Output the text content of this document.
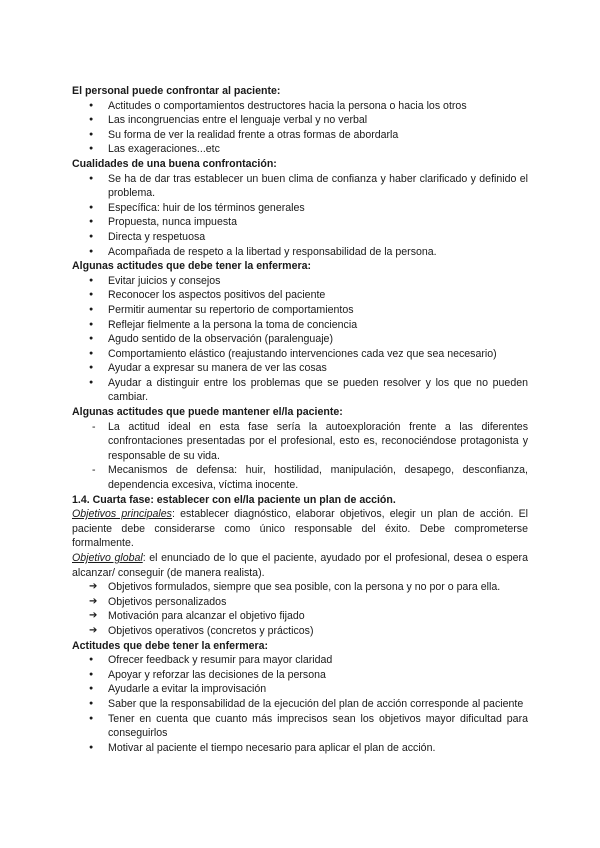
El personal puede confrontar al paciente:
● Actitudes o comportamientos destructores hacia la persona o hacia los otros
● Las incongruencias entre el lenguaje verbal y no verbal
● Su forma de ver la realidad frente a otras formas de abordarla
● Las exageraciones...etc
Cualidades de una buena confrontación:
● Se ha de dar tras establecer un buen clima de confianza y haber clarificado y definido el problema.
● Específica: huir de los términos generales
● Propuesta, nunca impuesta
● Directa y respetuosa
● Acompañada de respeto a la libertad y responsabilidad de la persona.
Algunas actitudes que debe tener la enfermera:
● Evitar juicios y consejos
● Reconocer los aspectos positivos del paciente
● Permitir aumentar su repertorio de comportamientos
● Reflejar fielmente a la persona la toma de conciencia
● Agudo sentido de la observación (paralenguaje)
● Comportamiento elástico (reajustando intervenciones cada vez que sea necesario)
● Ayudar a expresar su manera de ver las cosas
● Ayudar a distinguir entre los problemas que se pueden resolver y los que no pueden cambiar.
Algunas actitudes que puede mantener el/la paciente:
- La actitud ideal en esta fase sería la autoexploración frente a las diferentes confrontaciones presentadas por el profesional, esto es, reconociéndose protagonista y responsable de su vida.
- Mecanismos de defensa: huir, hostilidad, manipulación, desapego, desconfianza, dependencia excesiva, víctima inocente.
1.4. Cuarta fase: establecer con el/la paciente un plan de acción.
Objetivos principales: establecer diagnóstico, elaborar objetivos, elegir un plan de acción. El paciente debe considerarse como único responsable del éxito. Debe comprometerse formalmente.
Objetivo global: el enunciado de lo que el paciente, ayudado por el profesional, desea o espera alcanzar/ conseguir (de manera realista).
➔ Objetivos formulados, siempre que sea posible, con la persona y no por o para ella.
➔ Objetivos personalizados
➔ Motivación para alcanzar el objetivo fijado
➔ Objetivos operativos (concretos y prácticos)
Actitudes que debe tener la enfermera:
● Ofrecer feedback y resumir para mayor claridad
● Apoyar y reforzar las decisiones de la persona
● Ayudarle a evitar la improvisación
● Saber que la responsabilidad de la ejecución del plan de acción corresponde al paciente
● Tener en cuenta que cuanto más imprecisos sean los objetivos mayor dificultad para conseguirlos
● Motivar al paciente el tiempo necesario para aplicar el plan de acción.
